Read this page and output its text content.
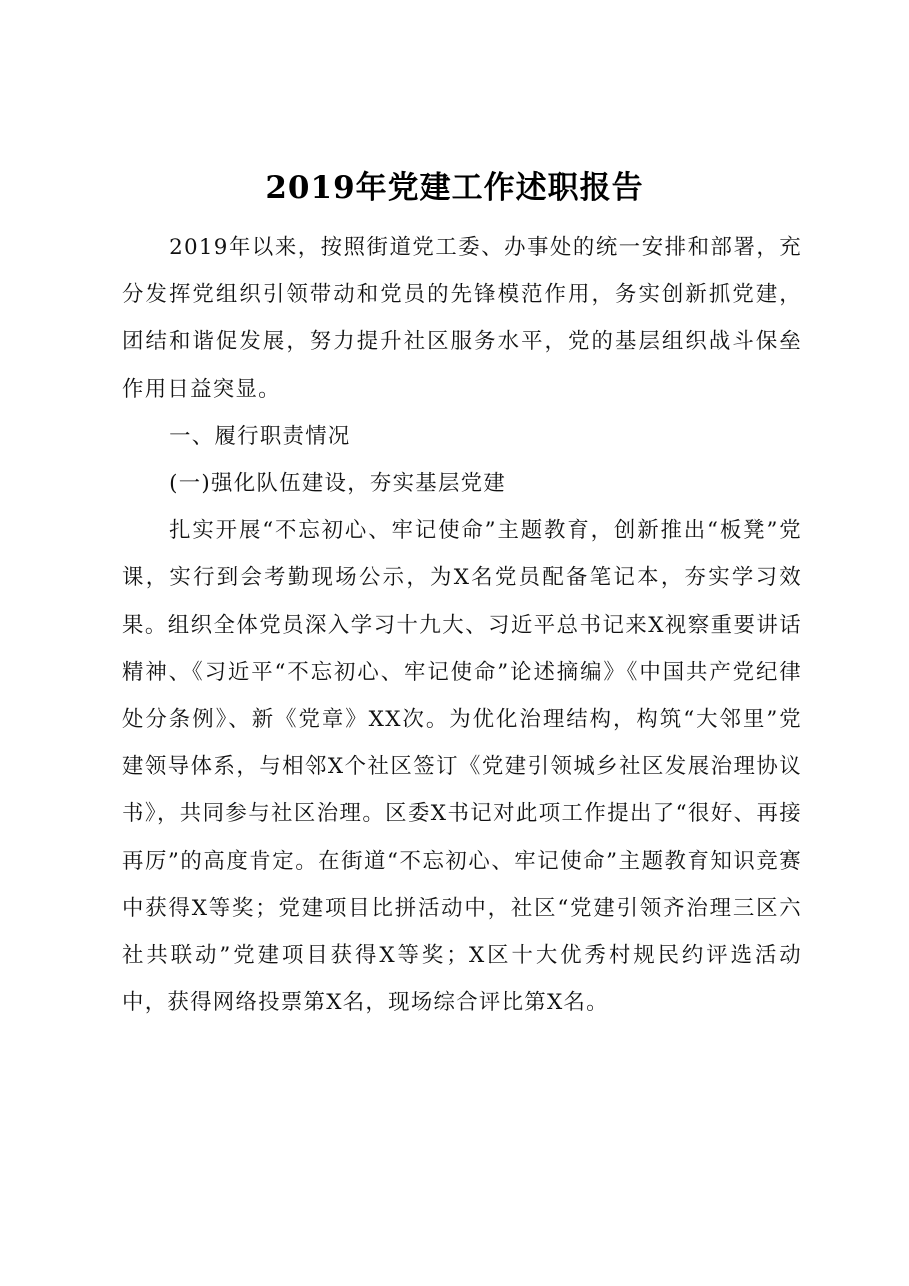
2019年党建工作述职报告

2019年以来，按照街道党工委、办事处的统一安排和部署，充分发挥党组织引领带动和党员的先锋模范作用，务实创新抓党建，团结和谐促发展，努力提升社区服务水平，党的基层组织战斗保垒作用日益突显。

一、履行职责情况

(一)强化队伍建设，夯实基层党建

扎实开展“不忘初心、牢记使命”主题教育，创新推出“板凳”党课，实行到会考勤现场公示，为X名党员配备笔记本，夯实学习效果。组织全体党员深入学习十九大、习近平总书记来X视察重要讲话精神、《习近平“不忘初心、牢记使命”论述摘编》《中国共产党纪律处分条例》、新《党章》XX次。为优化治理结构，构筑“大邻里”党建领导体系，与相邻X个社区签订《党建引领城乡社区发展治理协议书》，共同参与社区治理。区委X书记对此项工作提出了“很好、再接再厉”的高度肯定。在街道“不忘初心、牢记使命”主题教育知识竞赛中获得X等奖；党建项目比拼活动中，社区“党建引领齐治理三区六社共联动”党建项目获得X等奖；X区十大优秀村规民约评选活动中，获得网络投票第X名，现场综合评比第X名。
